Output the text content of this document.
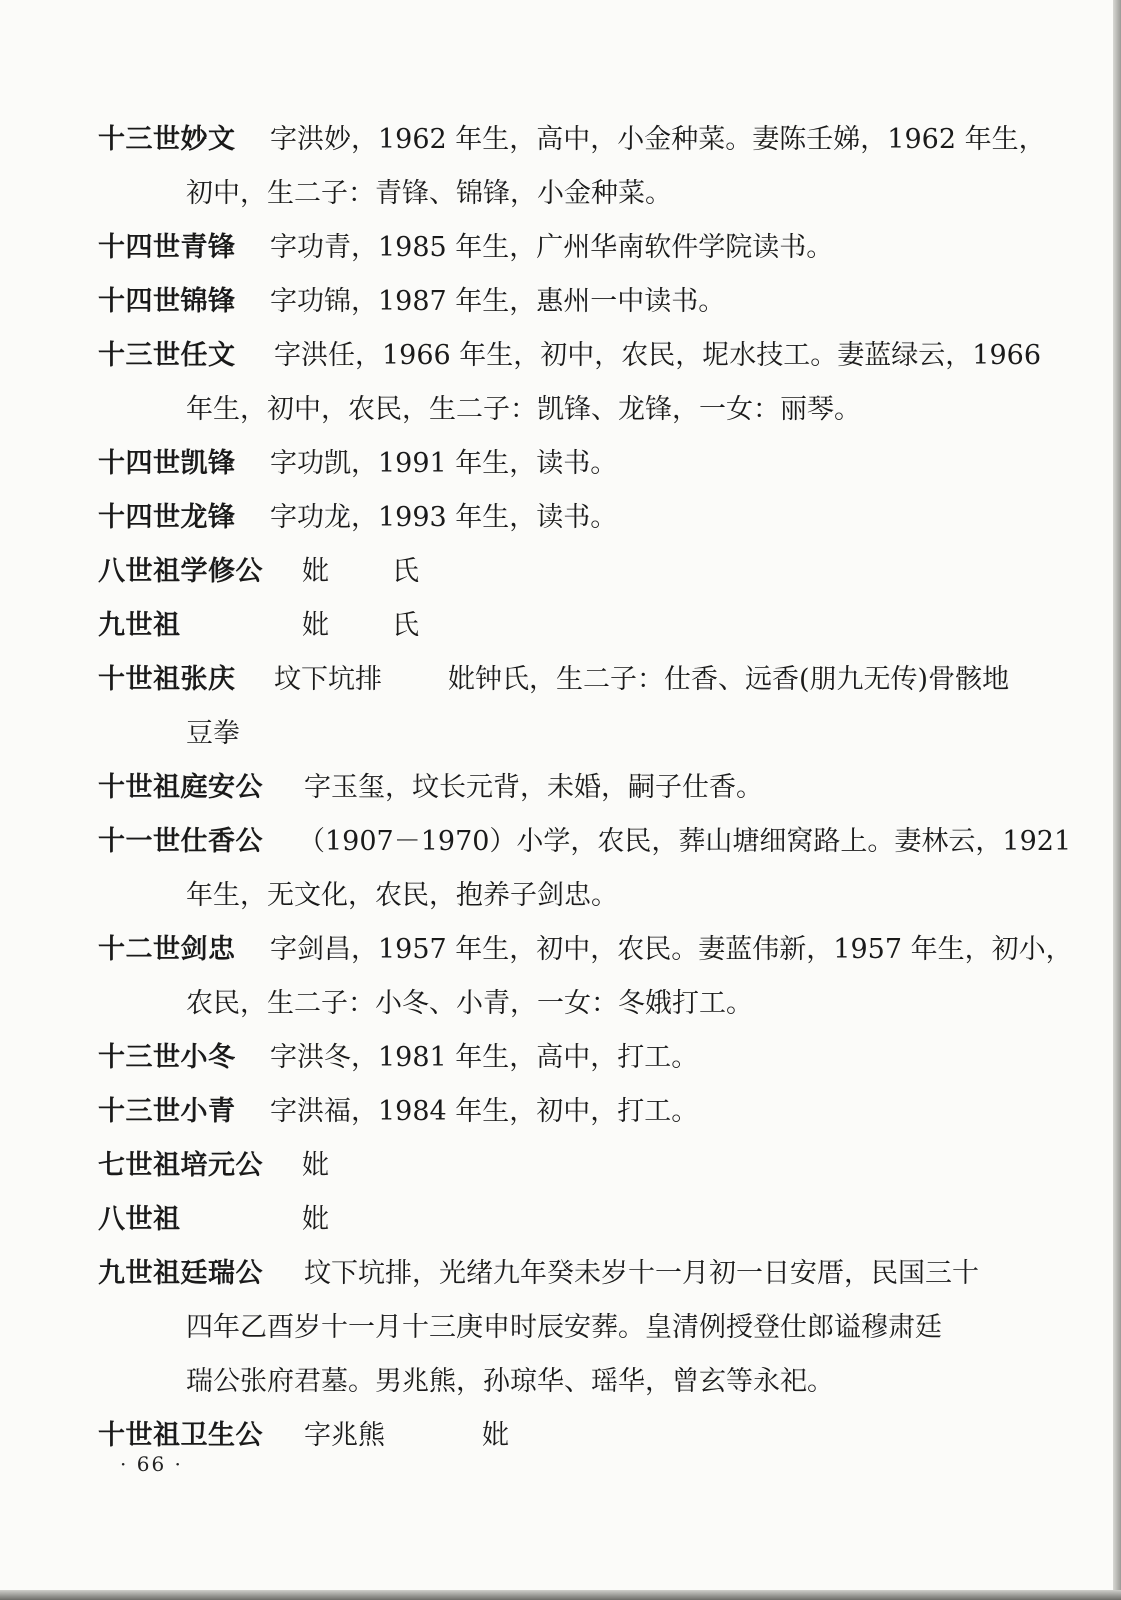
十三世妙文 字洪妙，1962 年生，高中，小金种菜。妻陈壬娣，1962 年生，
初中，生二子：青锋、锦锋，小金种菜。
十四世青锋 字功青，1985 年生，广州华南软件学院读书。
十四世锦锋 字功锦，1987 年生，惠州一中读书。
十三世任文 字洪任，1966 年生，初中，农民，坭水技工。妻蓝绿云，1966
年生，初中，农民，生二子：凯锋、龙锋，一女：丽琴。
十四世凯锋 字功凯，1991 年生，读书。
十四世龙锋 字功龙，1993 年生，读书。
八世祖学修公 妣 氏
九世祖	妣 氏
十世祖张庆 坟下坑排 妣钟氏，生二子：仕香、远香(朋九无传)骨骸地
豆拳
十世祖庭安公 字玉玺，坟长元背，未婚，嗣子仕香。
十一世仕香公 （1907－1970）小学，农民，葬山塘细窝路上。妻林云，1921
年生，无文化，农民，抱养子剑忠。
十二世剑忠 字剑昌，1957 年生，初中，农民。妻蓝伟新，1957 年生，初小，
农民，生二子：小冬、小青，一女：冬娥打工。
十三世小冬 字洪冬，1981 年生，高中，打工。
十三世小青 字洪福，1984 年生，初中，打工。
七世祖培元公 妣
八世祖	妣
九世祖廷瑞公 坟下坑排，光绪九年癸未岁十一月初一日安厝，民国三十
四年乙酉岁十一月十三庚申时辰安葬。皇清例授登仕郎谥穆肃廷
瑞公张府君墓。男兆熊，孙琼华、瑶华，曾玄等永祀。
十世祖卫生公 字兆熊	妣
· 66 ·
